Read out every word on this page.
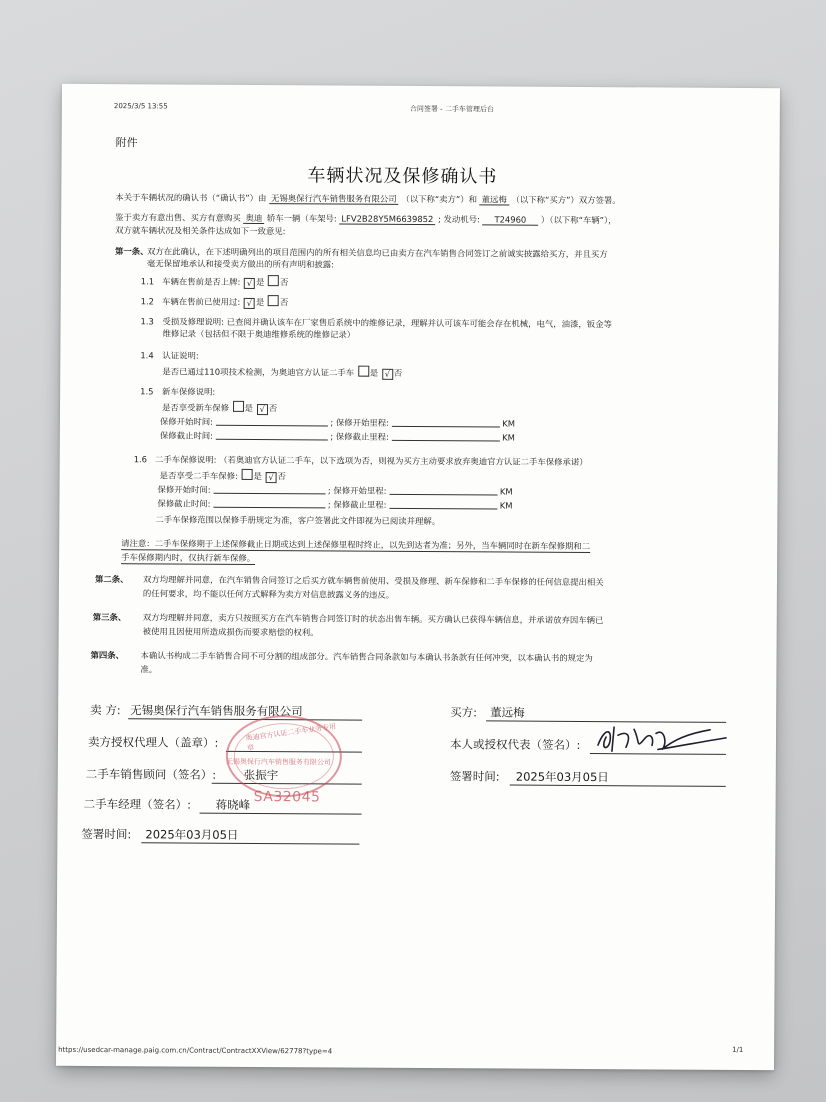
2025/3/5 13:55	合同签署 - 二手车管理后台
附件
车辆状况及保修确认书
本关于车辆状况的确认书（“确认书”）由 无锡奥保行汽车销售服务有限公司 （以下称“卖方”）和 董远梅 （以下称“买方”）双方签署。
鉴于卖方有意出售、买方有意购买 奥迪 轿车一辆（车架号: LFV2B28Y5M6639852 ; 发动机号: T24960 ）（以下称“车辆”），
双方就车辆状况及相关条件达成如下一致意见:
第一条、
双方在此确认，在下述明确列出的项目范围内的所有相关信息均已由卖方在汽车销售合同签订之前诚实披露给买方，并且买方
毫无保留地承认和接受卖方做出的所有声明和披露:
1.1 车辆在售前是否上牌: √ 是 否
1.2 车辆在售前已使用过: √ 是 否
1.3 受损及修理说明: 已查阅并确认该车在厂家售后系统中的维修记录，理解并认可该车可能会存在机械，电气，油漆，钣金等
维修记录（包括但不限于奥迪维修系统的维修记录）
1.4 认证说明:
是否已通过110项技术检测，为奥迪官方认证二手车 是 √ 否
1.5 新车保修说明:
是否享受新车保修 是 √ 否
保修开始时间:	; 保修开始里程:	KM
保修截止时间:	; 保修截止里程:	KM
1.6 二手车保修说明: （若奥迪官方认证二手车，以下选项为否，则视为买方主动要求放弃奥迪官方认证二手车保修承诺）
是否享受二手车保修: 是 √ 否
保修开始时间:	; 保修开始里程:	KM
保修截止时间:	; 保修截止里程:	KM
二手车保修范围以保修手册规定为准，客户签署此文件即视为已阅读并理解。
请注意：二手车保修期于上述保修截止日期或达到上述保修里程时终止，以先到达者为准；另外，当车辆同时在新车保修期和二
手车保修期内时，仅执行新车保修。
第二条、 双方均理解并同意，在汽车销售合同签订之后买方就车辆售前使用、受损及修理、新车保修和二手车保修的任何信息提出相关
的任何要求，均不能以任何方式解释为卖方对信息披露义务的违反。
第三条、 双方均理解并同意，卖方只按照买方在汽车销售合同签订时的状态出售车辆。买方确认已获得车辆信息，并承诺放弃因车辆已
被使用且因使用所造成损伤而要求赔偿的权利。
第四条、 本确认书构成二手车销售合同不可分割的组成部分。汽车销售合同条款如与本确认书条款有任何冲突，以本确认书的规定为
准。
卖 方: 无锡奥保行汽车销售服务有限公司	买方: 董远梅
卖方授权代理人（盖章）:	本人或授权代表（签名）:
二手车销售顾问（签名）: 张振宇	签署时间: 2025年03月05日
二手车经理（签名）: 蒋晓峰
签署时间: 2025年03月05日
奥迪官方认证二手车业务专用章
无锡奥保行汽车销售服务有限公司
SA32045
https://usedcar-manage.paig.com.cn/Contract/ContractXXView/62778?type=4	1/1
